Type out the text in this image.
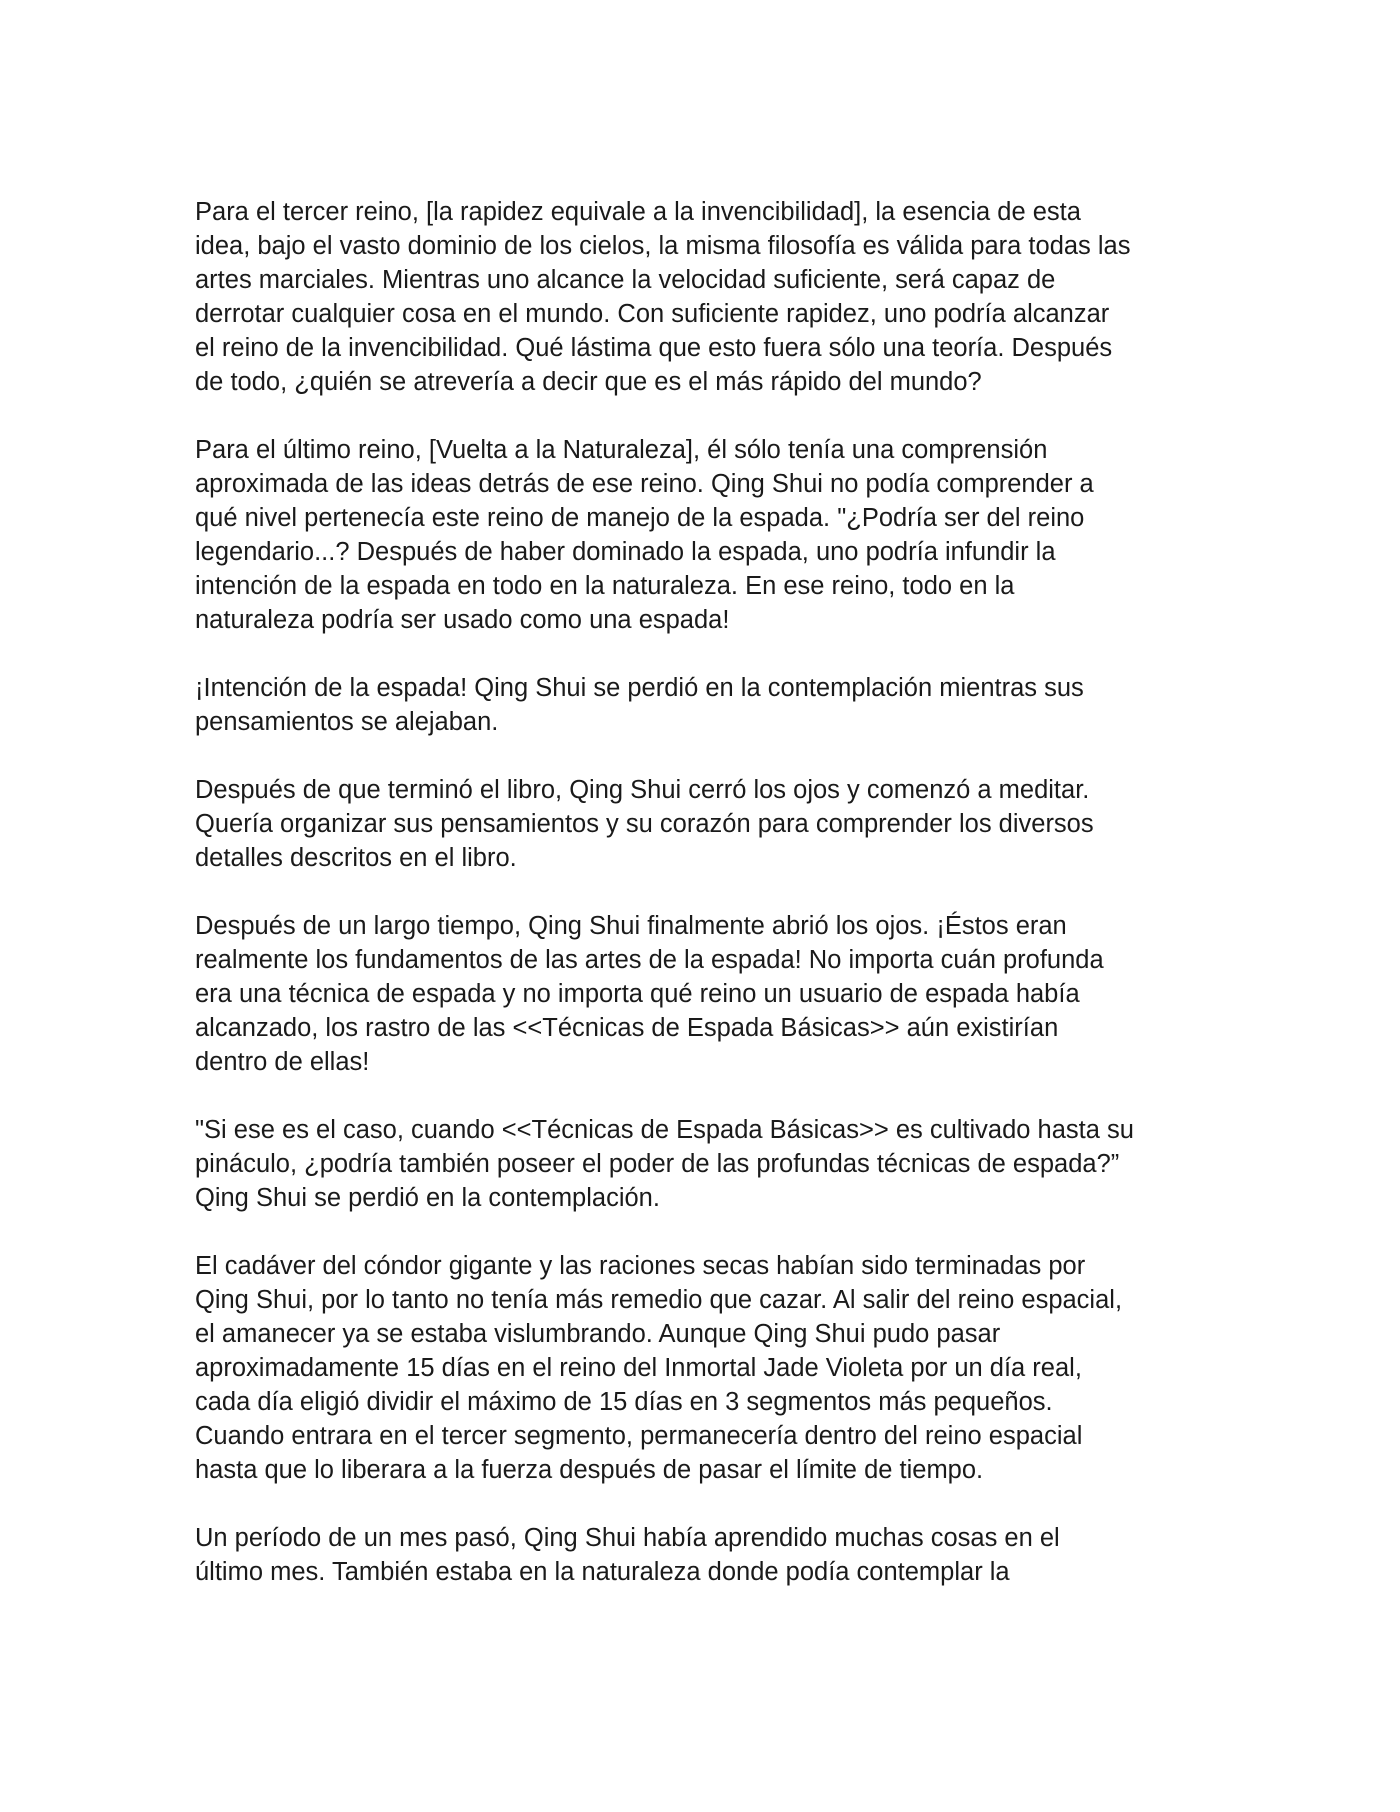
Para el tercer reino, [la rapidez equivale a la invencibilidad], la esencia de esta
idea, bajo el vasto dominio de los cielos, la misma filosofía es válida para todas las
artes marciales. Mientras uno alcance la velocidad suficiente, será capaz de
derrotar cualquier cosa en el mundo. Con suficiente rapidez, uno podría alcanzar
el reino de la invencibilidad. Qué lástima que esto fuera sólo una teoría. Después
de todo, ¿quién se atrevería a decir que es el más rápido del mundo?

Para el último reino, [Vuelta a la Naturaleza], él sólo tenía una comprensión
aproximada de las ideas detrás de ese reino. Qing Shui no podía comprender a
qué nivel pertenecía este reino de manejo de la espada. "¿Podría ser del reino
legendario...? Después de haber dominado la espada, uno podría infundir la
intención de la espada en todo en la naturaleza. En ese reino, todo en la
naturaleza podría ser usado como una espada!

¡Intención de la espada! Qing Shui se perdió en la contemplación mientras sus
pensamientos se alejaban.

Después de que terminó el libro, Qing Shui cerró los ojos y comenzó a meditar.
Quería organizar sus pensamientos y su corazón para comprender los diversos
detalles descritos en el libro.

Después de un largo tiempo, Qing Shui finalmente abrió los ojos. ¡Éstos eran
realmente los fundamentos de las artes de la espada! No importa cuán profunda
era una técnica de espada y no importa qué reino un usuario de espada había
alcanzado, los rastro de las <<Técnicas de Espada Básicas>> aún existirían
dentro de ellas!

"Si ese es el caso, cuando <<Técnicas de Espada Básicas>> es cultivado hasta su
pináculo, ¿podría también poseer el poder de las profundas técnicas de espada?”
Qing Shui se perdió en la contemplación.

El cadáver del cóndor gigante y las raciones secas habían sido terminadas por
Qing Shui, por lo tanto no tenía más remedio que cazar. Al salir del reino espacial,
el amanecer ya se estaba vislumbrando. Aunque Qing Shui pudo pasar
aproximadamente 15 días en el reino del Inmortal Jade Violeta por un día real,
cada día eligió dividir el máximo de 15 días en 3 segmentos más pequeños.
Cuando entrara en el tercer segmento, permanecería dentro del reino espacial
hasta que lo liberara a la fuerza después de pasar el límite de tiempo.

Un período de un mes pasó, Qing Shui había aprendido muchas cosas en el
último mes. También estaba en la naturaleza donde podía contemplar la
